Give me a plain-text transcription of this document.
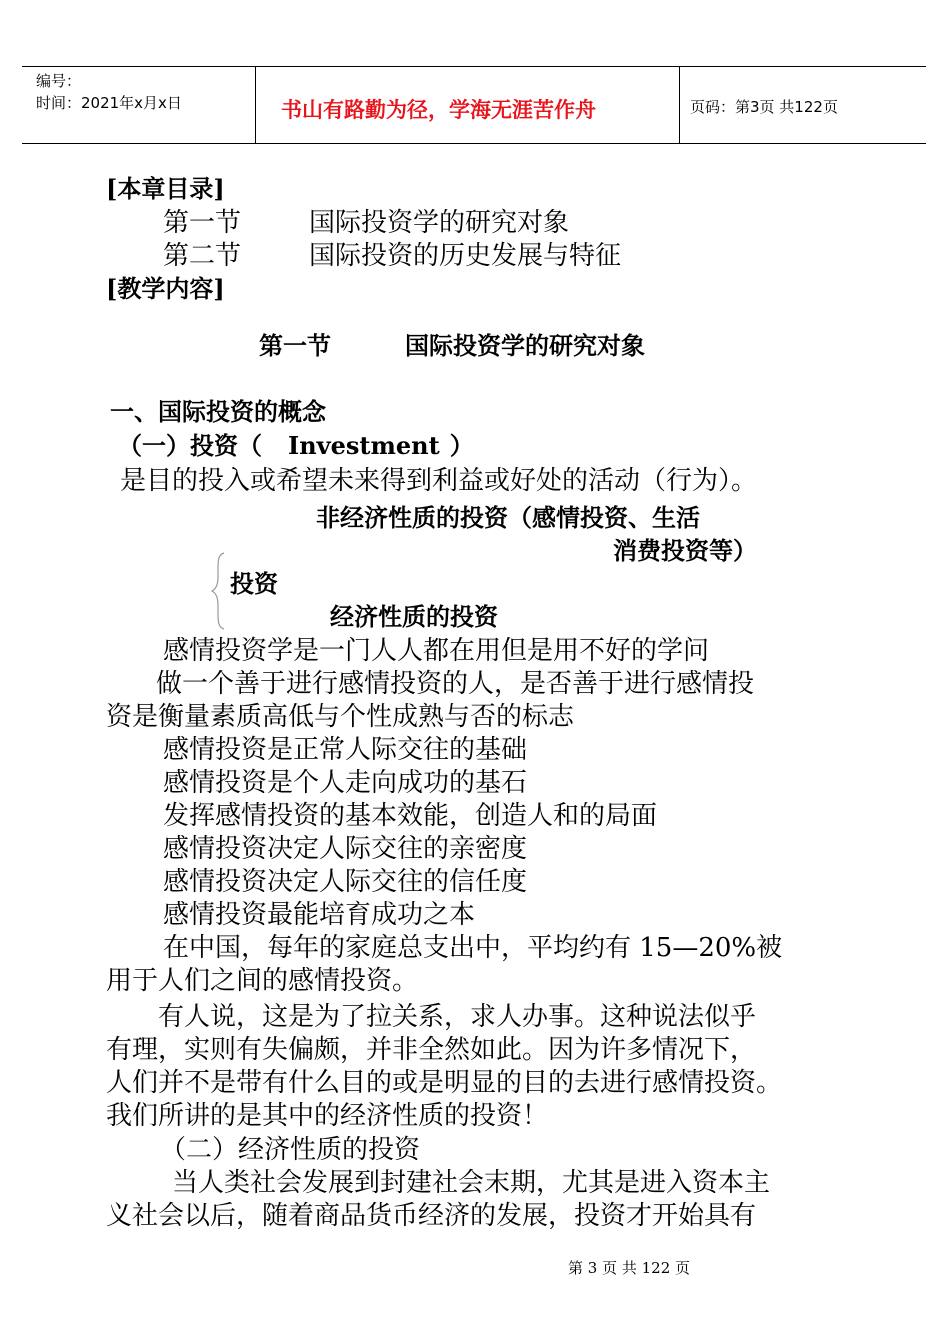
编号：
时间：2021年x月x日	书山有路勤为径，学海无涯苦作舟	页码：第3页 共122页
[本章目录]
第一节	国际投资学的研究对象
第二节	国际投资的历史发展与特征
[教学内容]
第一节	国际投资学的研究对象
一、国际投资的概念
（一）投资（ Investment ）
是目的投入或希望未来得到利益或好处的活动（行为）。
非经济性质的投资（感情投资、生活
消费投资等）
投资
经济性质的投资
感情投资学是一门人人都在用但是用不好的学问
做一个善于进行感情投资的人，是否善于进行感情投
资是衡量素质高低与个性成熟与否的标志
感情投资是正常人际交往的基础
感情投资是个人走向成功的基石
发挥感情投资的基本效能，创造人和的局面
感情投资决定人际交往的亲密度
感情投资决定人际交往的信任度
感情投资最能培育成功之本
在中国，每年的家庭总支出中，平均约有 15—20%被
用于人们之间的感情投资。
有人说，这是为了拉关系，求人办事。这种说法似乎
有理，实则有失偏颇，并非全然如此。因为许多情况下，
人们并不是带有什么目的或是明显的目的去进行感情投资。
我们所讲的是其中的经济性质的投资！
（二）经济性质的投资
当人类社会发展到封建社会末期，尤其是进入资本主
义社会以后，随着商品货币经济的发展，投资才开始具有
第 3 页 共 122 页
